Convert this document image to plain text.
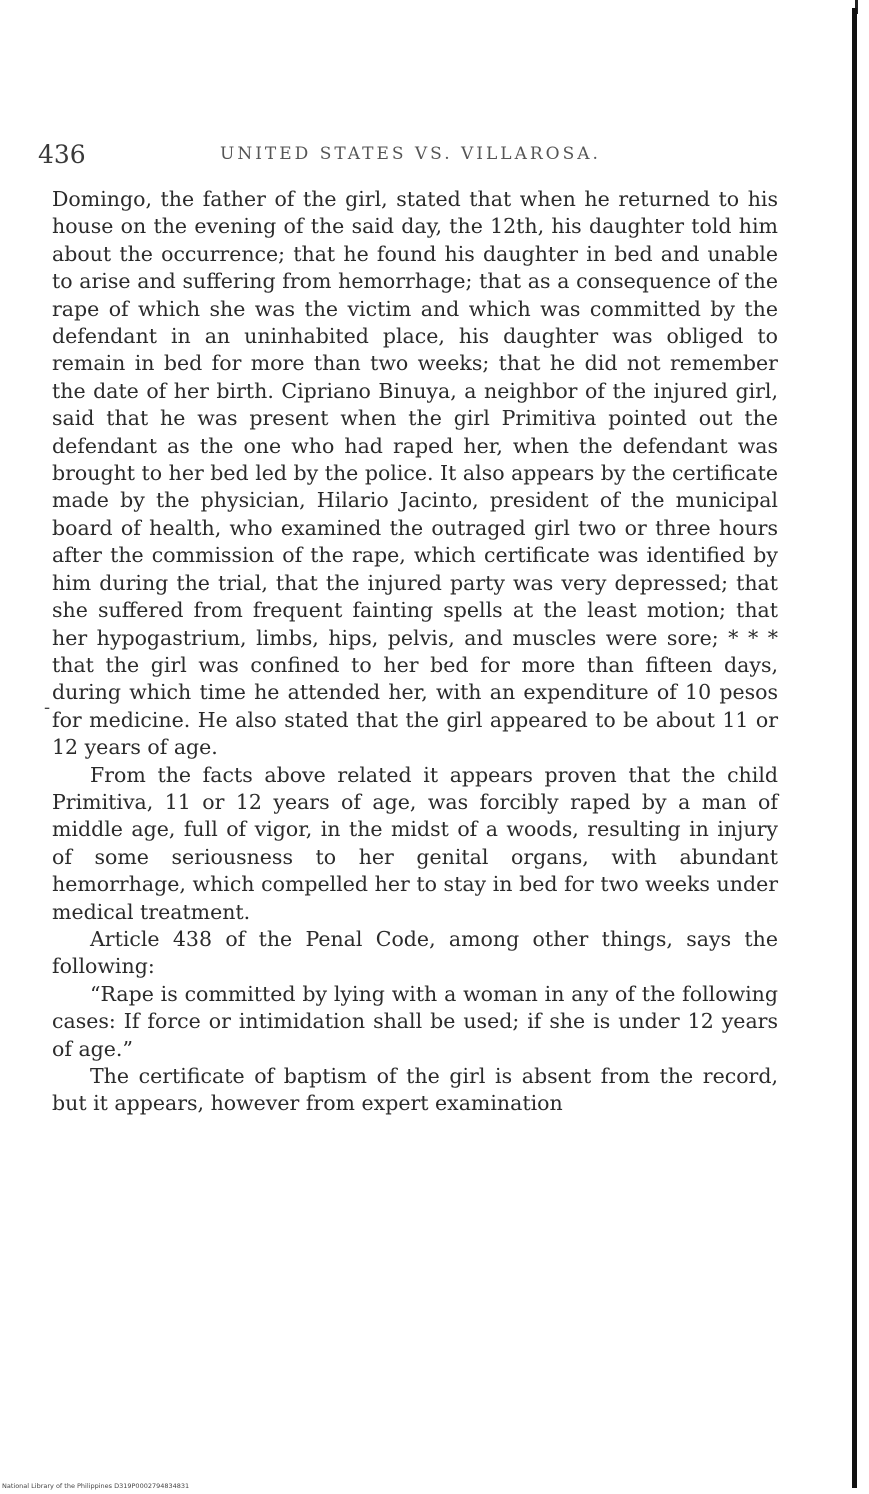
436	UNITED STATES VS. VILLAROSA.
-

Domingo, the father of the girl, stated that when he returned to his house on the evening of the said day, the 12th, his daughter told him about the occurrence; that he found his daughter in bed and unable to arise and suffering from hemorrhage; that as a consequence of the rape of which she was the victim and which was committed by the defendant in an uninhabited place, his daughter was obliged to remain in bed for more than two weeks; that he did not remember the date of her birth. Cipriano Binuya, a neighbor of the injured girl, said that he was present when the girl Primitiva pointed out the defendant as the one who had raped her, when the defendant was brought to her bed led by the police. It also appears by the certificate made by the physician, Hilario Jacinto, president of the municipal board of health, who examined the outraged girl two or three hours after the commission of the rape, which certificate was identified by him during the trial, that the injured party was very depressed; that she suffered from frequent fainting spells at the least motion; that her hypogastrium, limbs, hips, pelvis, and muscles were sore; * * * that the girl was confined to her bed for more than fifteen days, during which time he attended her, with an expenditure of 10 pesos for medicine. He also stated that the girl appeared to be about 11 or 12 years of age.

From the facts above related it appears proven that the child Primitiva, 11 or 12 years of age, was forcibly raped by a man of middle age, full of vigor, in the midst of a woods, resulting in injury of some seriousness to her genital organs, with abundant hemorrhage, which compelled her to stay in bed for two weeks under medical treatment.

Article 438 of the Penal Code, among other things, says the following:

“Rape is committed by lying with a woman in any of the following cases: If force or intimidation shall be used; if she is under 12 years of age.”

The certificate of baptism of the girl is absent from the record, but it appears, however from expert examination

National Library of the Philippines D319P0002794834831
